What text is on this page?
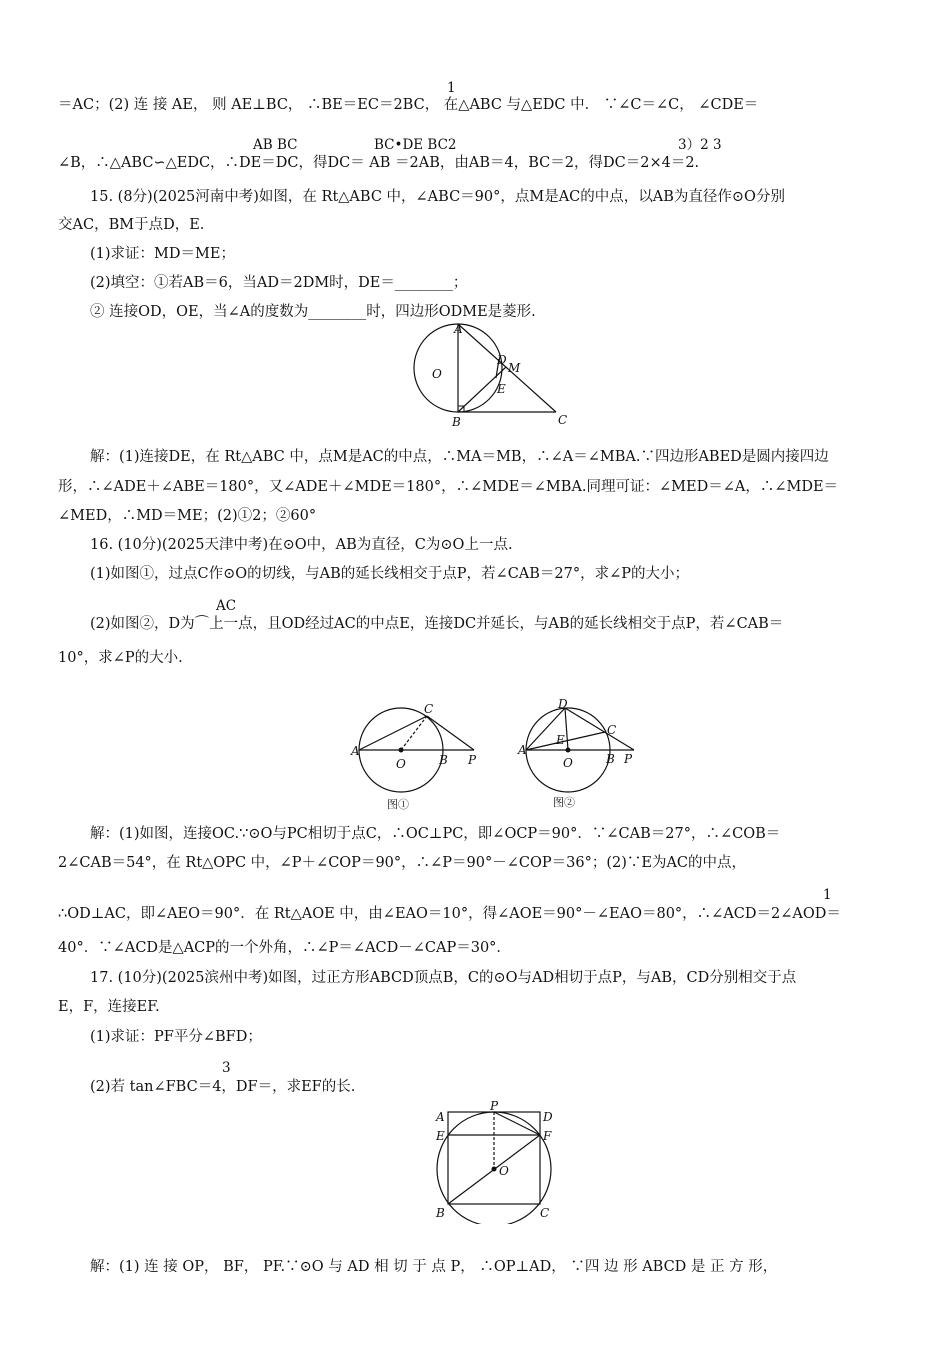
1
＝AC；(2) 连 接 AE， 则 AE⊥BC， ∴BE＝EC＝2BC， 在△ABC 与△EDC 中． ∵∠C＝∠C， ∠CDE＝
AB BC	BC•DE BC2	3）2 3
∠B，∴△ABC∽△EDC，∴DE＝DC，得DC＝ AB ＝2AB，由AB＝4，BC＝2，得DC＝2×4＝2.
15. (8分)(2025河南中考)如图，在 Rt△ABC 中，∠ABC＝90°，点M是AC的中点，以AB为直径作⊙O分别
交AC，BM于点D，E.
(1)求证：MD＝ME；
(2)填空：①若AB＝6，当AD＝2DM时，DE＝________；
② 连接OD，OE，当∠A的度数为________时，四边形ODME是菱形.
A
B	C
D
M
E
O
解：(1)连接DE，在 Rt△ABC 中，点M是AC的中点，∴MA＝MB，∴∠A＝∠MBA.∵四边形ABED是圆内接四边
形，∴∠ADE＋∠ABE＝180°，又∠ADE＋∠MDE＝180°，∴∠MDE＝∠MBA.同理可证：∠MED＝∠A，∴∠MDE＝
∠MED，∴MD＝ME；(2)①2；②60°
16. (10分)(2025天津中考)在⊙O中，AB为直径，C为⊙O上一点.
(1)如图①，过点C作⊙O的切线，与AB的延长线相交于点P，若∠CAB＝27°，求∠P的大小；
AC
(2)如图②，D为⌒上一点，且OD经过AC的中点E，连接DC并延长，与AB的延长线相交于点P，若∠CAB＝
10°，求∠P的大小.
A
C
O	B P
图①
D
C
E
A
O	B P
图②
解：(1)如图，连接OC.∵⊙O与PC相切于点C，∴OC⊥PC，即∠OCP＝90°．∵∠CAB＝27°，∴∠COB＝
2∠CAB＝54°，在 Rt△OPC 中，∠P＋∠COP＝90°，∴∠P＝90°－∠COP＝36°；(2)∵E为AC的中点，
1
∴OD⊥AC，即∠AEO＝90°．在 Rt△AOE 中，由∠EAO＝10°，得∠AOE＝90°－∠EAO＝80°，∴∠ACD＝2∠AOD＝
40°．∵∠ACD是△ACP的一个外角，∴∠P＝∠ACD－∠CAP＝30°．
17. (10分)(2025滨州中考)如图，过正方形ABCD顶点B，C的⊙O与AD相切于点P，与AB，CD分别相交于点
E，F，连接EF.
(1)求证：PF平分∠BFD；
3
(2)若 tan∠FBC＝4，DF＝，求EF的长.
A
P
D
E	F
O
B	C
解：(1) 连 接 OP， BF， PF.∵⊙O 与 AD 相 切 于 点 P， ∴OP⊥AD， ∵四 边 形 ABCD 是 正 方 形，
